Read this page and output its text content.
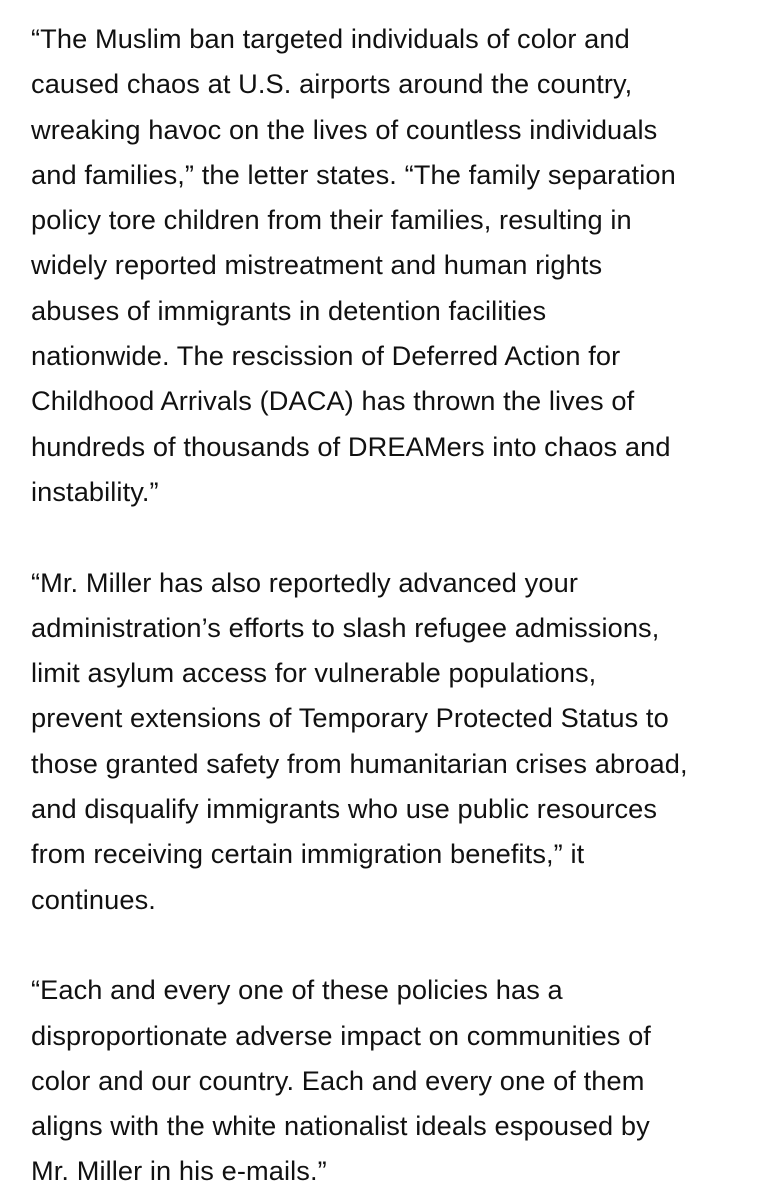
“The Muslim ban targeted individuals of color and
caused chaos at U.S. airports around the country,
wreaking havoc on the lives of countless individuals
and families,” the letter states. “The family separation
policy tore children from their families, resulting in
widely reported mistreatment and human rights
abuses of immigrants in detention facilities
nationwide. The rescission of Deferred Action for
Childhood Arrivals (DACA) has thrown the lives of
hundreds of thousands of DREAMers into chaos and
instability.”

“Mr. Miller has also reportedly advanced your
administration’s efforts to slash refugee admissions,
limit asylum access for vulnerable populations,
prevent extensions of Temporary Protected Status to
those granted safety from humanitarian crises abroad,
and disqualify immigrants who use public resources
from receiving certain immigration benefits,” it
continues.

“Each and every one of these policies has a
disproportionate adverse impact on communities of
color and our country. Each and every one of them
aligns with the white nationalist ideals espoused by
Mr. Miller in his e-mails.”
